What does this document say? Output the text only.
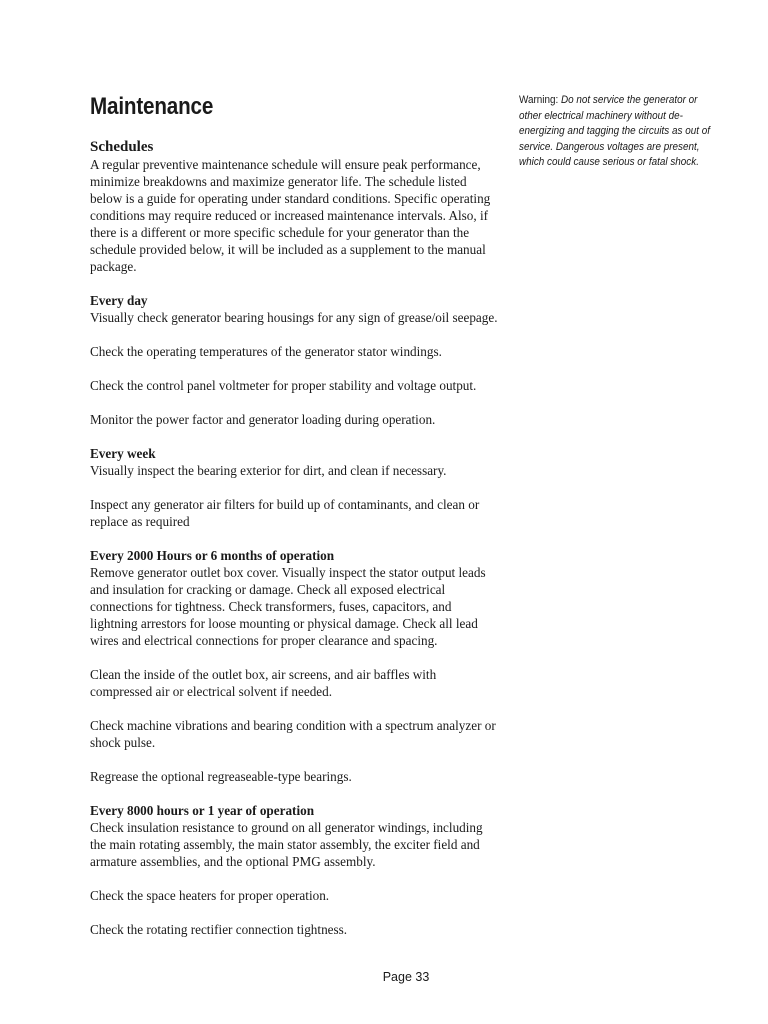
Maintenance
Schedules

A regular preventive maintenance schedule will ensure peak performance, minimize breakdowns and maximize generator life. The schedule listed below is a guide for operating under standard conditions. Specific operating conditions may require reduced or increased maintenance intervals. Also, if there is a different or more specific schedule for your generator than the schedule provided below, it will be included as a supplement to the manual package.

Every day

Visually check generator bearing housings for any sign of grease/oil seepage.

Check the operating temperatures of the generator stator windings.

Check the control panel voltmeter for proper stability and voltage output.

Monitor the power factor and generator loading during operation.

Every week

Visually inspect the bearing exterior for dirt, and clean if necessary.

Inspect any generator air filters for build up of contaminants, and clean or replace as required

Every 2000 Hours or 6 months of operation

Remove generator outlet box cover. Visually inspect the stator output leads and insulation for cracking or damage. Check all exposed electrical connections for tightness. Check transformers, fuses, capacitors, and lightning arrestors for loose mounting or physical damage. Check all lead wires and electrical connections for proper clearance and spacing.

Clean the inside of the outlet box, air screens, and air baffles with compressed air or electrical solvent if needed.

Check machine vibrations and bearing condition with a spectrum analyzer or shock pulse.

Regrease the optional regreaseable-type bearings.

Every 8000 hours or 1 year of operation

Check insulation resistance to ground on all generator windings, including the main rotating assembly, the main stator assembly, the exciter field and armature assemblies, and the optional PMG assembly.

Check the space heaters for proper operation.

Check the rotating rectifier connection tightness.

Warning: Do not service the generator or other electrical machinery without de-energizing and tagging the circuits as out of service. Dangerous voltages are present, which could cause serious or fatal shock.
Page 33
